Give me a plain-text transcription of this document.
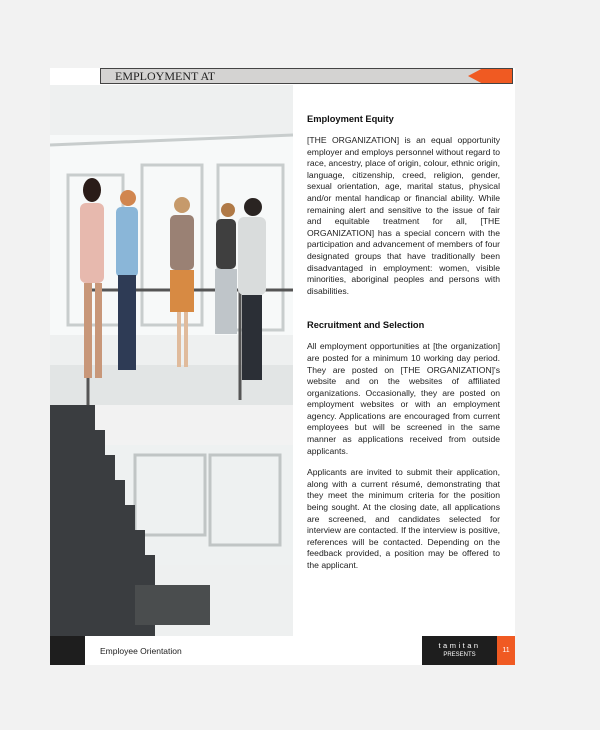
EMPLOYMENT AT
Employment Equity

[THE ORGANIZATION] is an equal opportunity employer and employs personnel without regard to race, ancestry, place of origin, colour, ethnic origin, language, citizenship, creed, religion, gender, sexual orientation, age, marital status, physical and/or mental handicap or financial ability. While remaining alert and sensitive to the issue of fair and equitable treatment for all, [THE ORGANIZATION] has a special concern with the participation and advancement of members of four designated groups that have traditionally been disadvantaged in employment: women, visible minorities, aboriginal peoples and persons with disabilities.

Recruitment and Selection

All employment opportunities at [the organization] are posted for a minimum 10 working day period. They are posted on [THE ORGANIZATION]'s website and on the websites of affiliated organizations. Occasionally, they are posted on employment websites or with an employment agency. Applications are encouraged from current employees but will be screened in the same manner as applications received from outside applicants.

Applicants are invited to submit their application, along with a current résumé, demonstrating that they meet the minimum criteria for the position being sought. At the closing date, all applications are screened, and candidates selected for interview are contacted. If the interview is positive, references will be contacted. Depending on the feedback provided, a position may be offered to the applicant.

Employee Orientation
tamitan
PRESENTS
11
